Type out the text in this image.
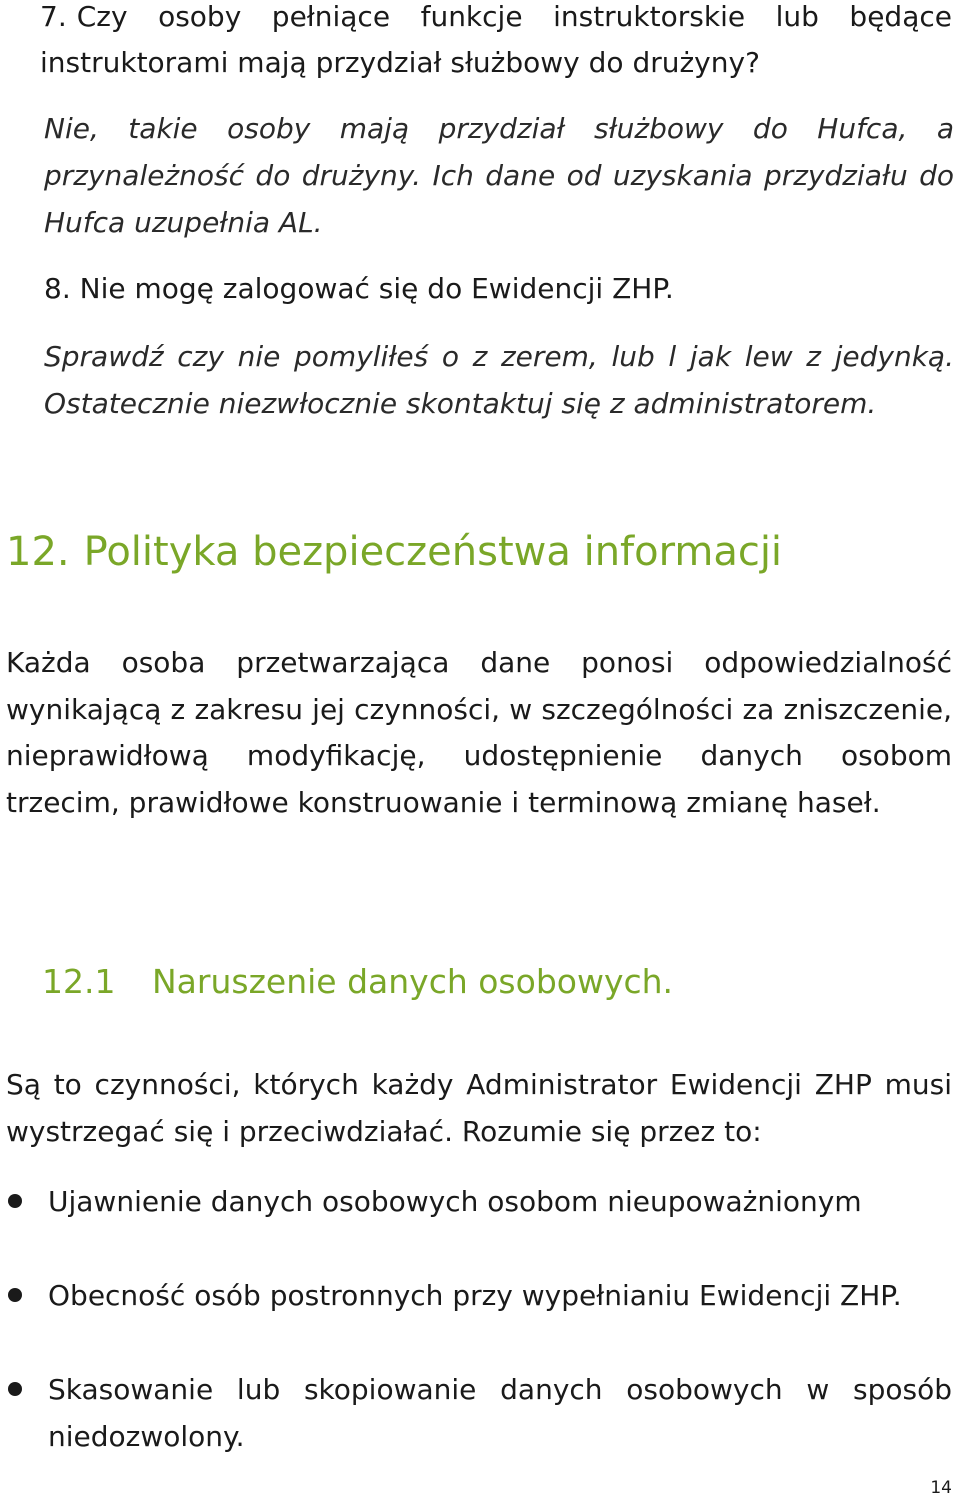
7. Czy osoby pełniące funkcje instruktorskie lub będące instruktorami mają przydział służbowy do drużyny?
Nie, takie osoby mają przydział służbowy do Hufca, a przynależność do drużyny. Ich dane od uzyskania przydziału do Hufca uzupełnia AL.
8. Nie mogę zalogować się do Ewidencji ZHP.
Sprawdź czy nie pomyliłeś o z zerem, lub l jak lew z jedynką. Ostatecznie niezwłocznie skontaktuj się z administratorem.
12. Polityka bezpieczeństwa informacji

Każda osoba przetwarzająca dane ponosi odpowiedzialność wynikającą z zakresu jej czynności, w szczególności za zniszczenie, nieprawidłową modyfikację, udostępnienie danych osobom trzecim, prawidłowe konstruowanie i terminową zmianę haseł.

12.1 Naruszenie danych osobowych.

Są to czynności, których każdy Administrator Ewidencji ZHP musi wystrzegać się i przeciwdziałać. Rozumie się przez to:

Ujawnienie danych osobowych osobom nieupoważnionym
Obecność osób postronnych przy wypełnianiu Ewidencji ZHP.
Skasowanie lub skopiowanie danych osobowych w sposób niedozwolony.
14
